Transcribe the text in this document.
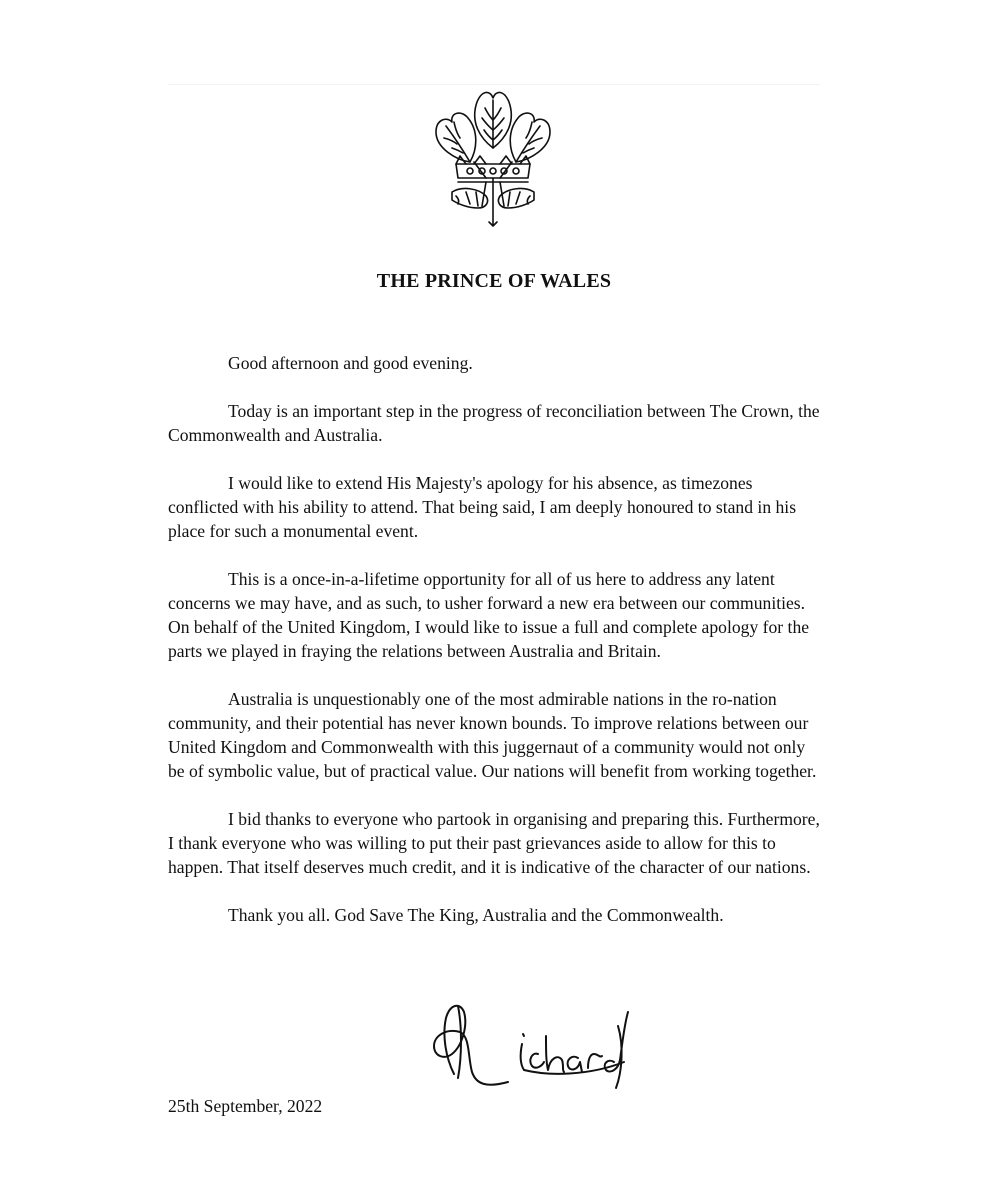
THE PRINCE OF WALES

Good afternoon and good evening.

Today is an important step in the progress of reconciliation between The Crown, the Commonwealth and Australia.

I would like to extend His Majesty's apology for his absence, as timezones conflicted with his ability to attend. That being said, I am deeply honoured to stand in his place for such a monumental event.

This is a once-in-a-lifetime opportunity for all of us here to address any latent concerns we may have, and as such, to usher forward a new era between our communities. On behalf of the United Kingdom, I would like to issue a full and complete apology for the parts we played in fraying the relations between Australia and Britain.

Australia is unquestionably one of the most admirable nations in the ro-nation community, and their potential has never known bounds. To improve relations between our United Kingdom and Commonwealth with this juggernaut of a community would not only be of symbolic value, but of practical value. Our nations will benefit from working together.

I bid thanks to everyone who partook in organising and preparing this. Furthermore, I thank everyone who was willing to put their past grievances aside to allow for this to happen. That itself deserves much credit, and it is indicative of the character of our nations.

Thank you all. God Save The King, Australia and the Commonwealth.

25th September, 2022
